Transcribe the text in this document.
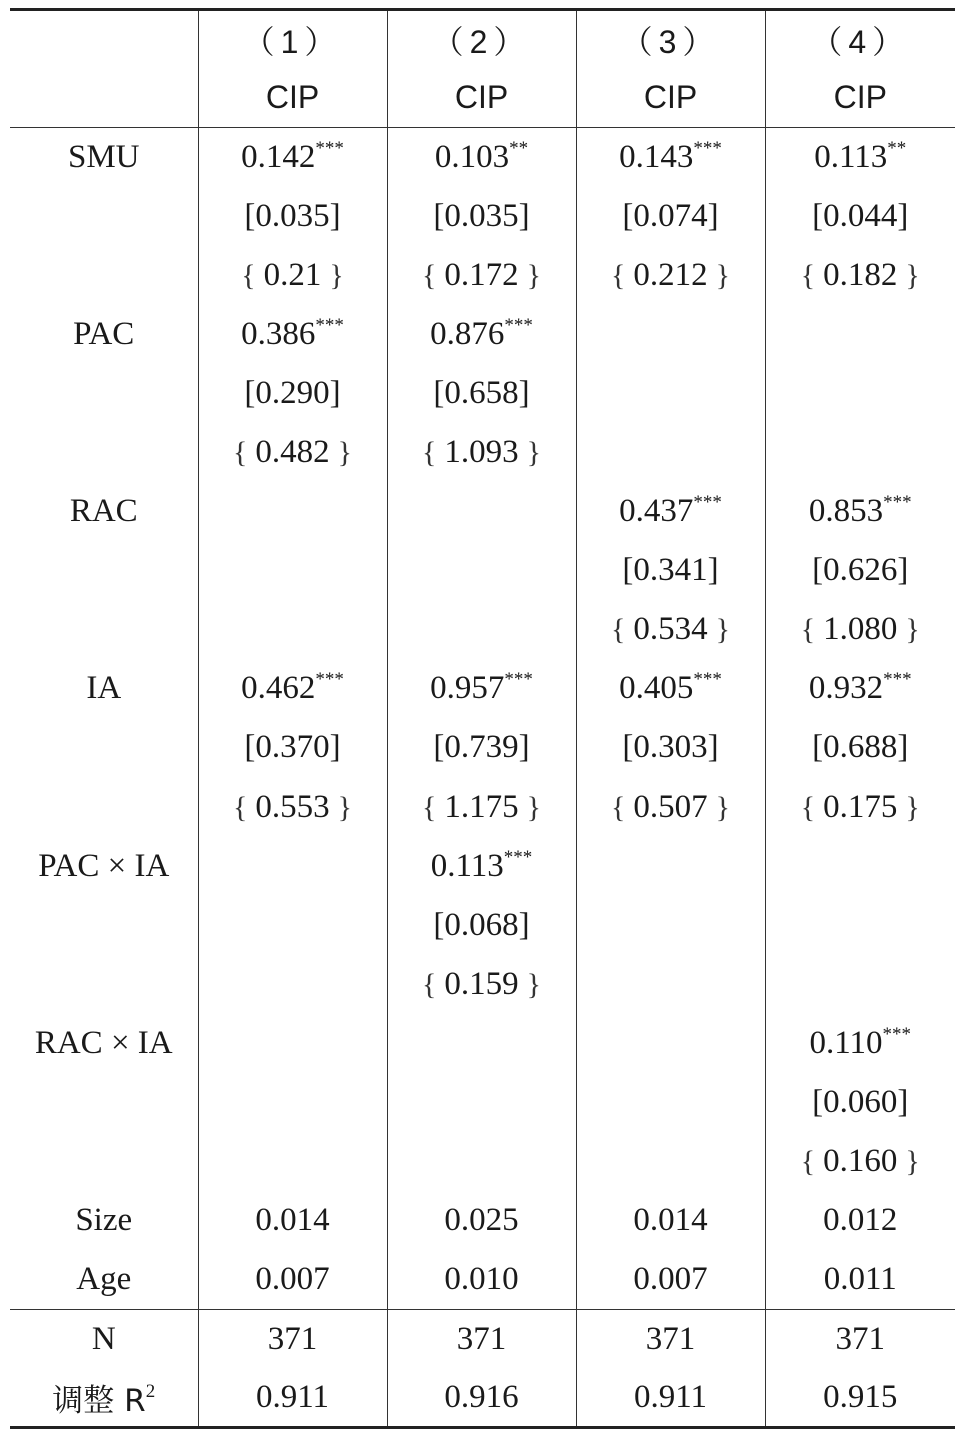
	（1）	（2）	（3）	（4）
	CIP	CIP	CIP	CIP
SMU	0.142***	0.103**	0.143***	0.113**
	[0.035]	[0.035]	[0.074]	[0.044]
	{ 0.21 }	{ 0.172 }	{ 0.212 }	{ 0.182 }
PAC	0.386***	0.876***		
	[0.290]	[0.658]		
	{ 0.482 }	{ 1.093 }		
RAC			0.437***	0.853***
			[0.341]	[0.626]
			{ 0.534 }	{ 1.080 }
IA	0.462***	0.957***	0.405***	0.932***
	[0.370]	[0.739]	[0.303]	[0.688]
	{ 0.553 }	{ 1.175 }	{ 0.507 }	{ 0.175 }
PAC × IA		0.113***		
		[0.068]		
		{ 0.159 }		
RAC × IA				0.110***
				[0.060]
				{ 0.160 }
Size	0.014	0.025	0.014	0.012
Age	0.007	0.010	0.007	0.011
N	371	371	371	371
调整 $R^2$	0.911	0.916	0.911	0.915
